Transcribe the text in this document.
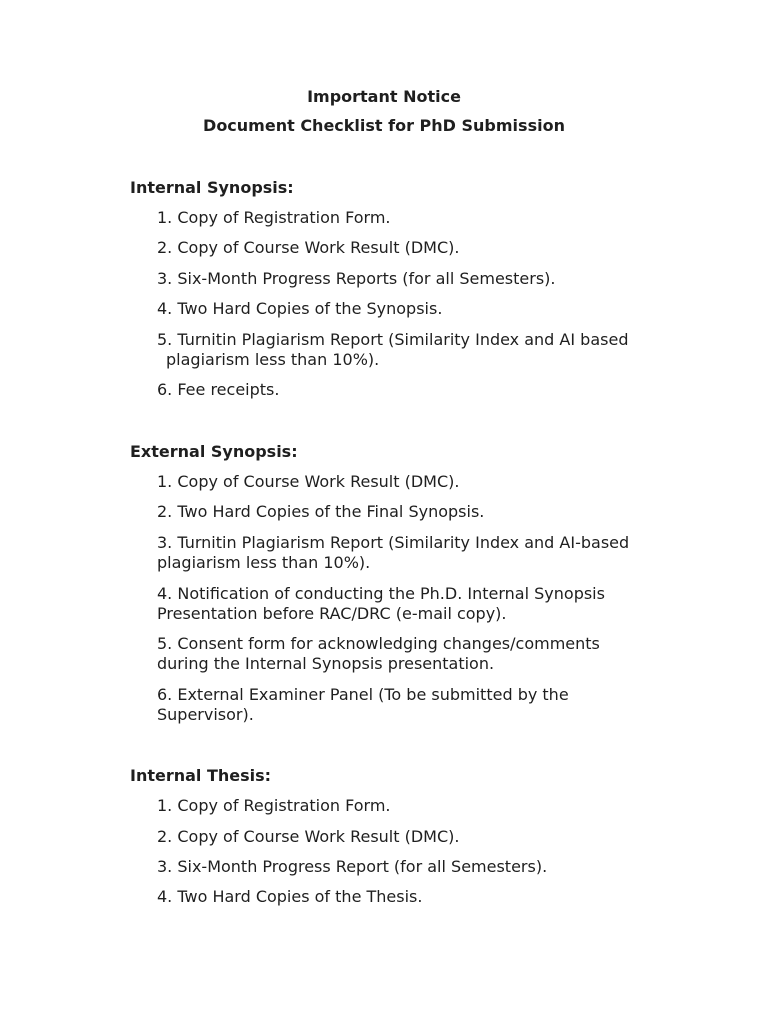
Important Notice
Document Checklist for PhD Submission
Internal Synopsis:
1. Copy of Registration Form.
2. Copy of Course Work Result (DMC).
3. Six-Month Progress Reports (for all Semesters).
4. Two Hard Copies of the Synopsis.
5. Turnitin Plagiarism Report (Similarity Index and AI based
plagiarism less than 10%).
6. Fee receipts.
External Synopsis:
1. Copy of Course Work Result (DMC).
2. Two Hard Copies of the Final Synopsis.
3. Turnitin Plagiarism Report (Similarity Index and AI-based
plagiarism less than 10%).
4. Notification of conducting the Ph.D. Internal Synopsis
Presentation before RAC/DRC (e-mail copy).
5. Consent form for acknowledging changes/comments
during the Internal Synopsis presentation.
6. External Examiner Panel (To be submitted by the
Supervisor).
Internal Thesis:
1. Copy of Registration Form.
2. Copy of Course Work Result (DMC).
3. Six-Month Progress Report (for all Semesters).
4. Two Hard Copies of the Thesis.
